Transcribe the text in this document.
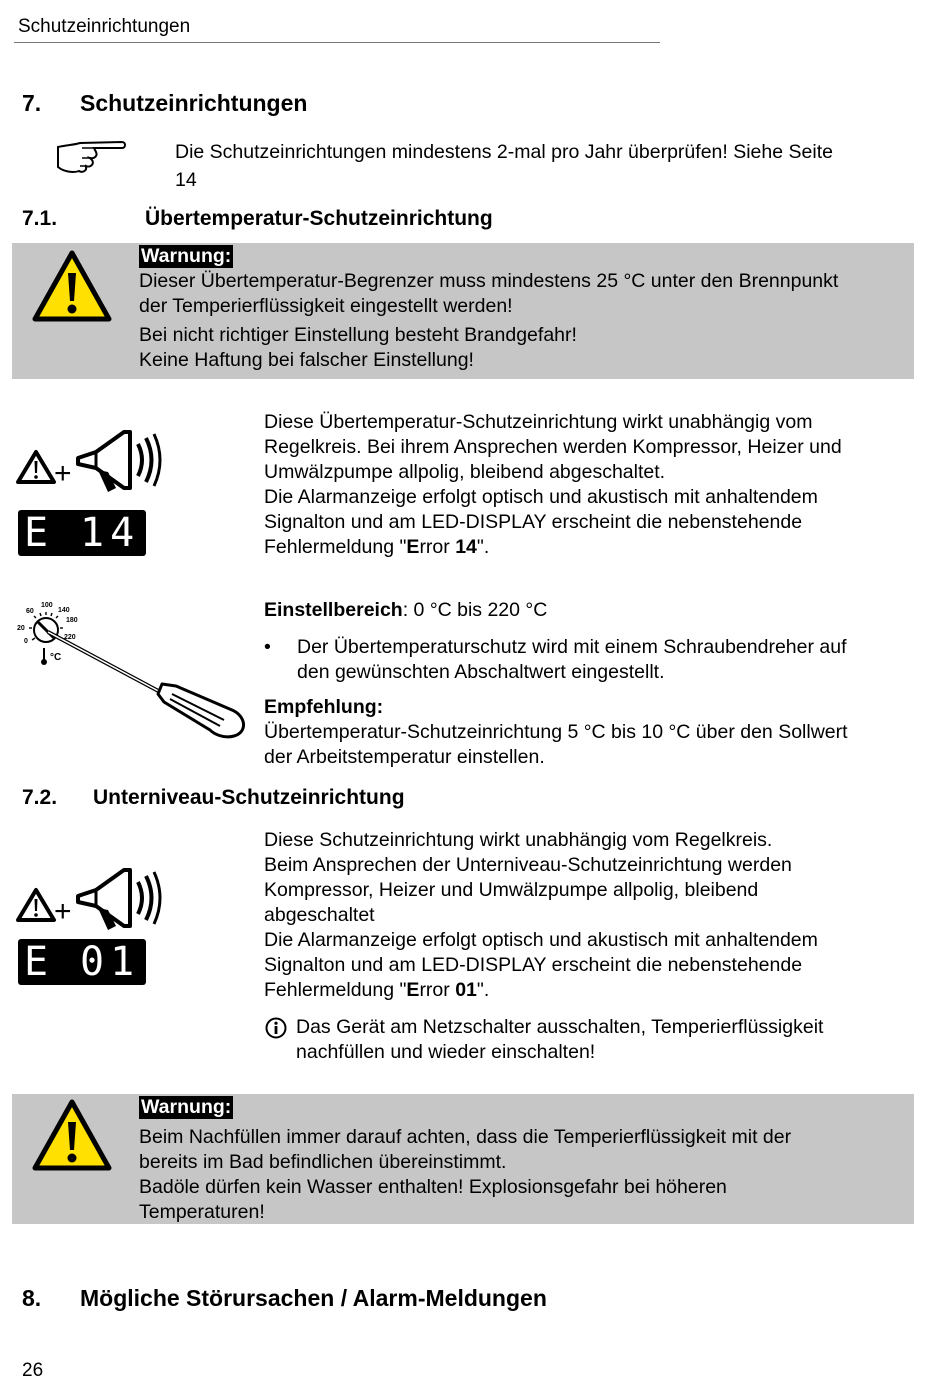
Schutzeinrichtungen
7. Schutzeinrichtungen

Die Schutzeinrichtungen mindestens 2-mal pro Jahr überprüfen! Siehe Seite

14

7.1.	Übertemperatur-Schutzeinrichtung
Warnung:

Dieser Übertemperatur-Begrenzer muss mindestens 25 °C unter den Brennpunkt

der Temperierflüssigkeit eingestellt werden!

Bei nicht richtiger Einstellung besteht Brandgefahr!

Keine Haftung bei falscher Einstellung!

+
E 14

Diese Übertemperatur-Schutzeinrichtung wirkt unabhängig vom

Regelkreis. Bei ihrem Ansprechen werden Kompressor, Heizer und

Umwälzpumpe allpolig, bleibend abgeschaltet.

Die Alarmanzeige erfolgt optisch und akustisch mit anhaltendem

Signalton und am LED-DISPLAY erscheint die nebenstehende

Fehlermeldung "Error 14".

60
100
140
20
180
0
220
°C
Einstellbereich: 0 °C bis 220 °C
• Der Übertemperaturschutz wird mit einem Schraubendreher auf

den gewünschten Abschaltwert eingestellt.

Empfehlung:

Übertemperatur-Schutzeinrichtung 5 °C bis 10 °C über den Sollwert

der Arbeitstemperatur einstellen.

7.2. Unterniveau-Schutzeinrichtung
+
E 01

Diese Schutzeinrichtung wirkt unabhängig vom Regelkreis.

Beim Ansprechen der Unterniveau-Schutzeinrichtung werden

Kompressor, Heizer und Umwälzpumpe allpolig, bleibend

abgeschaltet

Die Alarmanzeige erfolgt optisch und akustisch mit anhaltendem

Signalton und am LED-DISPLAY erscheint die nebenstehende

Fehlermeldung "Error 01".

Das Gerät am Netzschalter ausschalten, Temperierflüssigkeit

nachfüllen und wieder einschalten!

Warnung:

Beim Nachfüllen immer darauf achten, dass die Temperierflüssigkeit mit der

bereits im Bad befindlichen übereinstimmt.

Badöle dürfen kein Wasser enthalten! Explosionsgefahr bei höheren

Temperaturen!

8. Mögliche Störursachen / Alarm-Meldungen
26
